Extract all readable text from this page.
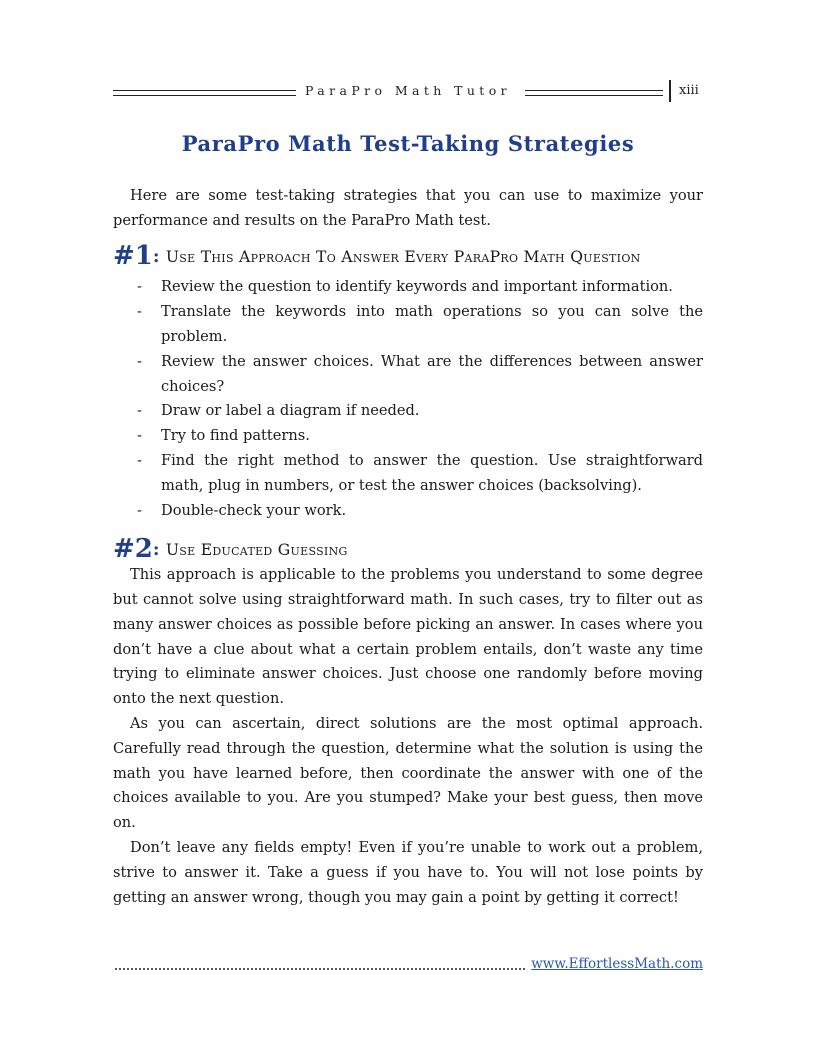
ParaPro Math Tutor	xiii
ParaPro Math Test-Taking Strategies

Here are some test-taking strategies that you can use to maximize your performance and results on the ParaPro Math test.

#1: Use This Approach To Answer Every ParaPro Math Question
- Review the question to identify keywords and important information.
- Translate the keywords into math operations so you can solve the problem.
- Review the answer choices. What are the differences between answer choices?
- Draw or label a diagram if needed.
- Try to find patterns.
- Find the right method to answer the question. Use straightforward math, plug in numbers, or test the answer choices (backsolving).
- Double-check your work.
#2: Use Educated Guessing

This approach is applicable to the problems you understand to some degree but cannot solve using straightforward math. In such cases, try to filter out as many answer choices as possible before picking an answer. In cases where you don’t have a clue about what a certain problem entails, don’t waste any time trying to eliminate answer choices. Just choose one randomly before moving onto the next question.

As you can ascertain, direct solutions are the most optimal approach. Carefully read through the question, determine what the solution is using the math you have learned before, then coordinate the answer with one of the choices available to you. Are you stumped? Make your best guess, then move on.

Don’t leave any fields empty! Even if you’re unable to work out a problem, strive to answer it. Take a guess if you have to. You will not lose points by getting an answer wrong, though you may gain a point by getting it correct!

www.EffortlessMath.com
